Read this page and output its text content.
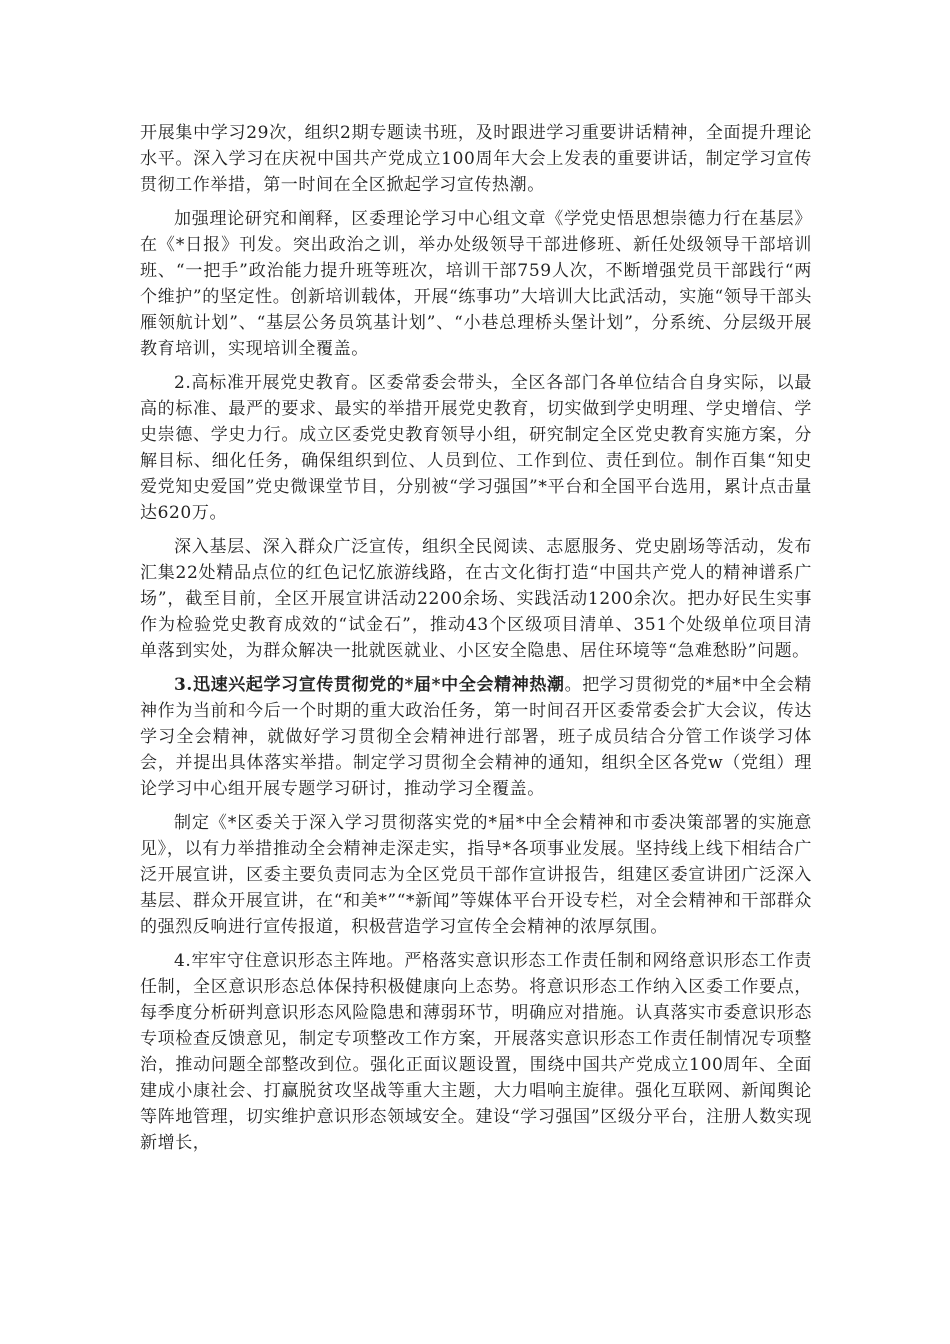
开展集中学习29次，组织2期专题读书班，及时跟进学习重要讲话精神，全面提升理论水平。深入学习在庆祝中国共产党成立100周年大会上发表的重要讲话，制定学习宣传贯彻工作举措，第一时间在全区掀起学习宣传热潮。

加强理论研究和阐释，区委理论学习中心组文章《学党史悟思想崇德力行在基层》在《*日报》刊发。突出政治之训，举办处级领导干部进修班、新任处级领导干部培训班、“一把手”政治能力提升班等班次，培训干部759人次，不断增强党员干部践行“两个维护”的坚定性。创新培训载体，开展“练事功”大培训大比武活动，实施“领导干部头雁领航计划”、“基层公务员筑基计划”、“小巷总理桥头堡计划”，分系统、分层级开展教育培训，实现培训全覆盖。

2.高标准开展党史教育。区委常委会带头，全区各部门各单位结合自身实际，以最高的标准、最严的要求、最实的举措开展党史教育，切实做到学史明理、学史增信、学史崇德、学史力行。成立区委党史教育领导小组，研究制定全区党史教育实施方案，分解目标、细化任务，确保组织到位、人员到位、工作到位、责任到位。制作百集“知史爱党知史爱国”党史微课堂节目，分别被“学习强国”*平台和全国平台选用，累计点击量达620万。

深入基层、深入群众广泛宣传，组织全民阅读、志愿服务、党史剧场等活动，发布汇集22处精品点位的红色记忆旅游线路，在古文化街打造“中国共产党人的精神谱系广场”，截至目前，全区开展宣讲活动2200余场、实践活动1200余次。把办好民生实事作为检验党史教育成效的“试金石”，推动43个区级项目清单、351个处级单位项目清单落到实处，为群众解决一批就医就业、小区安全隐患、居住环境等“急难愁盼”问题。

3.迅速兴起学习宣传贯彻党的*届*中全会精神热潮。把学习贯彻党的*届*中全会精神作为当前和今后一个时期的重大政治任务，第一时间召开区委常委会扩大会议，传达学习全会精神，就做好学习贯彻全会精神进行部署，班子成员结合分管工作谈学习体会，并提出具体落实举措。制定学习贯彻全会精神的通知，组织全区各党w（党组）理论学习中心组开展专题学习研讨，推动学习全覆盖。

制定《*区委关于深入学习贯彻落实党的*届*中全会精神和市委决策部署的实施意见》，以有力举措推动全会精神走深走实，指导*各项事业发展。坚持线上线下相结合广泛开展宣讲，区委主要负责同志为全区党员干部作宣讲报告，组建区委宣讲团广泛深入基层、群众开展宣讲，在“和美*”“*新闻”等媒体平台开设专栏，对全会精神和干部群众的强烈反响进行宣传报道，积极营造学习宣传全会精神的浓厚氛围。

4.牢牢守住意识形态主阵地。严格落实意识形态工作责任制和网络意识形态工作责任制，全区意识形态总体保持积极健康向上态势。将意识形态工作纳入区委工作要点，每季度分析研判意识形态风险隐患和薄弱环节，明确应对措施。认真落实市委意识形态专项检查反馈意见，制定专项整改工作方案，开展落实意识形态工作责任制情况专项整治，推动问题全部整改到位。强化正面议题设置，围绕中国共产党成立100周年、全面建成小康社会、打赢脱贫攻坚战等重大主题，大力唱响主旋律。强化互联网、新闻舆论等阵地管理，切实维护意识形态领域安全。建设“学习强国”区级分平台，注册人数实现新增长，
